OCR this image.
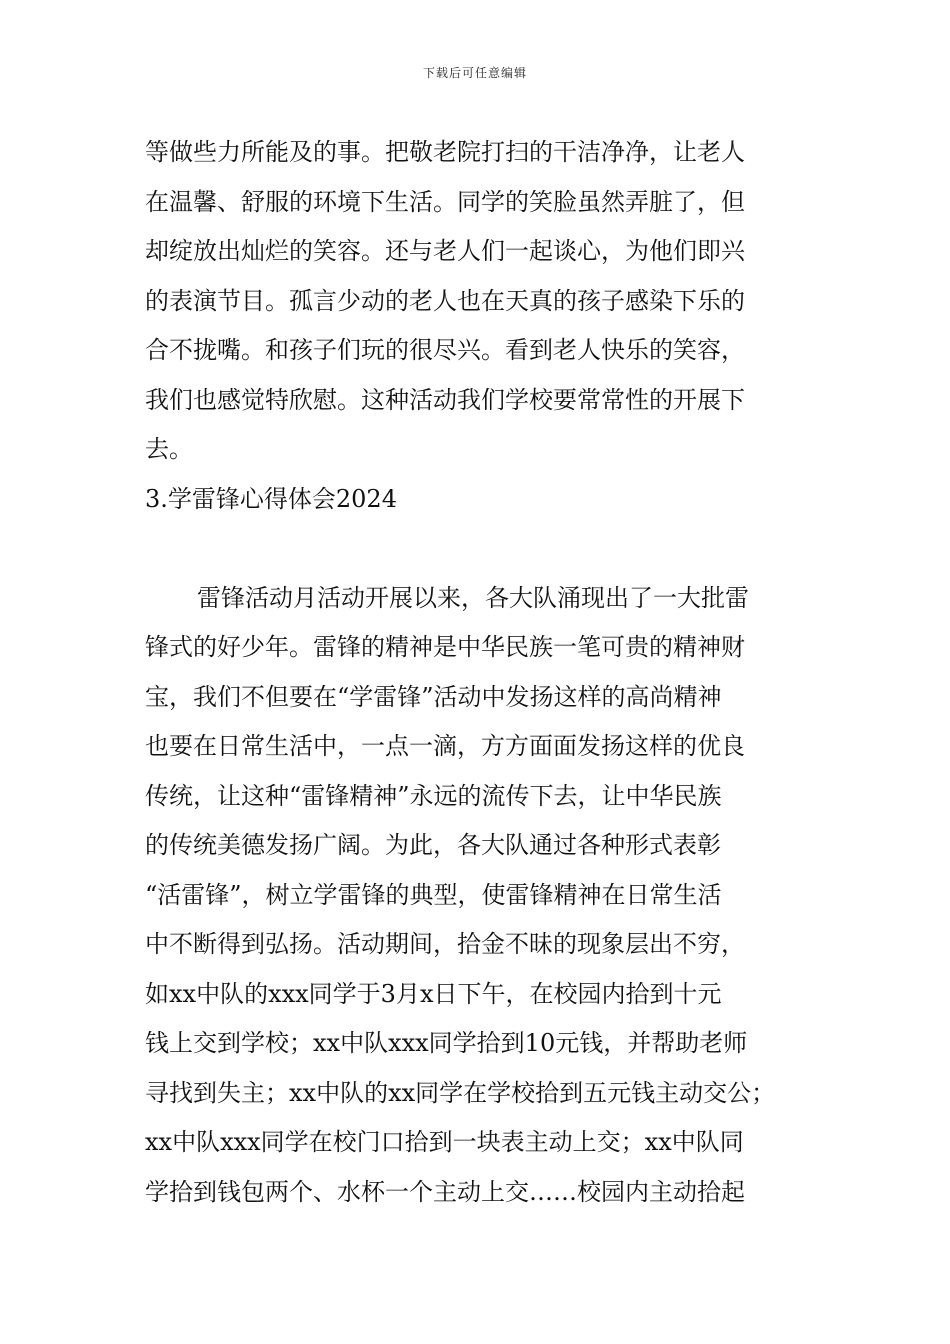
下载后可任意编辑
等做些力所能及的事。把敬老院打扫的干洁净净，让老人
在温馨、舒服的环境下生活。同学的笑脸虽然弄脏了，但
却绽放出灿烂的笑容。还与老人们一起谈心，为他们即兴
的表演节目。孤言少动的老人也在天真的孩子感染下乐的
合不拢嘴。和孩子们玩的很尽兴。看到老人快乐的笑容，
我们也感觉特欣慰。这种活动我们学校要常常性的开展下
去。
3.学雷锋心得体会2024
雷锋活动月活动开展以来，各大队涌现出了一大批雷
锋式的好少年。雷锋的精神是中华民族一笔可贵的精神财
宝，我们不但要在“学雷锋”活动中发扬这样的高尚精神
也要在日常生活中，一点一滴，方方面面发扬这样的优良
传统，让这种“雷锋精神”永远的流传下去，让中华民族
的传统美德发扬广阔。为此，各大队通过各种形式表彰
“活雷锋”，树立学雷锋的典型，使雷锋精神在日常生活
中不断得到弘扬。活动期间，拾金不昧的现象层出不穷，
如xx中队的xxx同学于3月x日下午，在校园内拾到十元
钱上交到学校；xx中队xxx同学拾到10元钱，并帮助老师
寻找到失主；xx中队的xx同学在学校拾到五元钱主动交公；
xx中队xxx同学在校门口拾到一块表主动上交；xx中队同
学拾到钱包两个、水杯一个主动上交……校园内主动拾起
